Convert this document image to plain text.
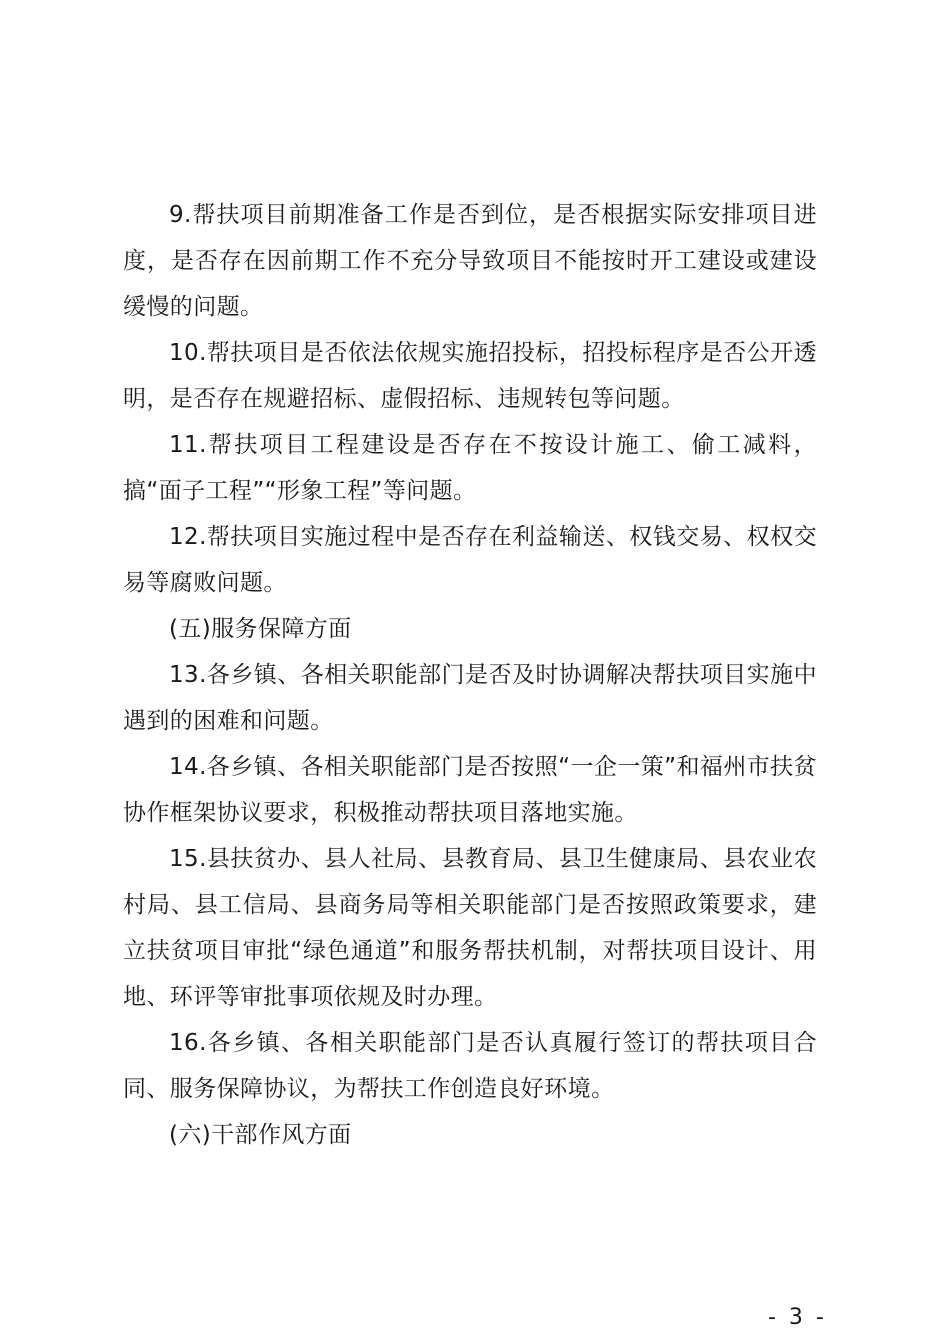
9.帮扶项目前期准备工作是否到位，是否根据实际安排项目进度，是否存在因前期工作不充分导致项目不能按时开工建设或建设缓慢的问题。

10.帮扶项目是否依法依规实施招投标，招投标程序是否公开透明，是否存在规避招标、虚假招标、违规转包等问题。

11.帮扶项目工程建设是否存在不按设计施工、偷工减料，搞“面子工程”“形象工程”等问题。

12.帮扶项目实施过程中是否存在利益输送、权钱交易、权权交易等腐败问题。

(五)服务保障方面

13.各乡镇、各相关职能部门是否及时协调解决帮扶项目实施中遇到的困难和问题。

14.各乡镇、各相关职能部门是否按照“一企一策”和福州市扶贫协作框架协议要求，积极推动帮扶项目落地实施。

15.县扶贫办、县人社局、县教育局、县卫生健康局、县农业农村局、县工信局、县商务局等相关职能部门是否按照政策要求，建立扶贫项目审批“绿色通道”和服务帮扶机制，对帮扶项目设计、用地、环评等审批事项依规及时办理。

16.各乡镇、各相关职能部门是否认真履行签订的帮扶项目合同、服务保障协议，为帮扶工作创造良好环境。

(六)干部作风方面

- 3 -
